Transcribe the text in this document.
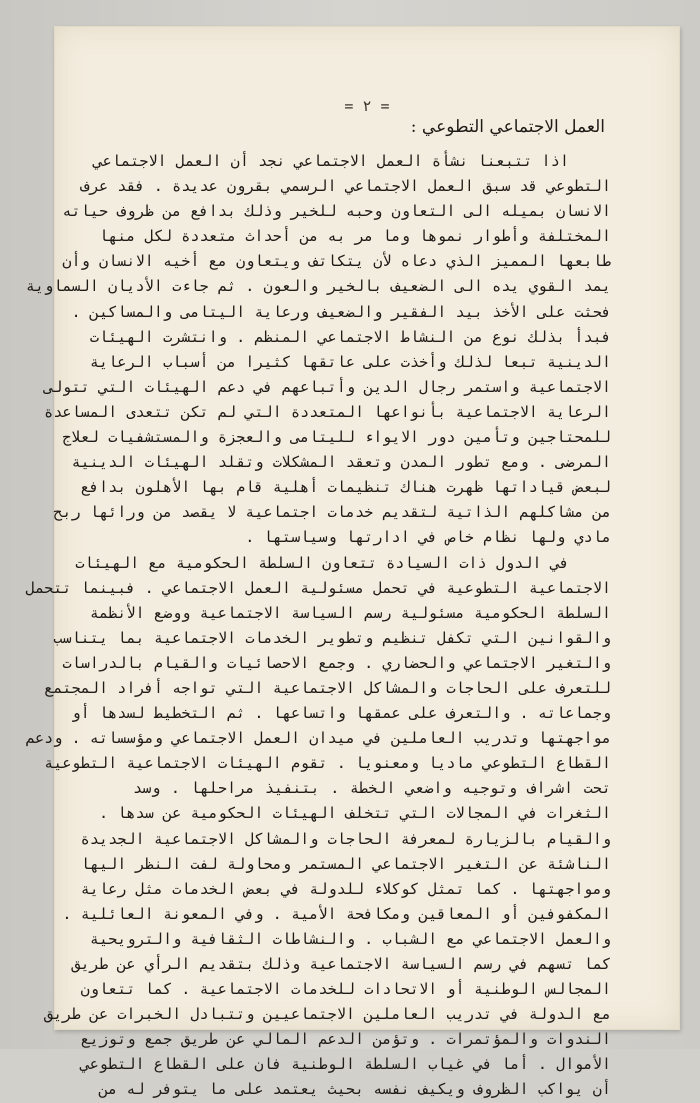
= ٢ =
العمل الاجتماعي التطوعي :
اذا تتبعنا نشأة العمل الاجتماعي نجد أن العمل الاجتماعي
التطوعي قد سبق العمل الاجتماعي الرسمي بقرون عديدة . فقد عرف
الانسان بميله الى التعاون وحبه للخير وذلك بدافع من ظروف حياته
المختلفة وأطوار نموها وما مر به من أحداث متعددة لكل منها
طابعها المميز الذي دعاه لأن يتكاتف ويتعاون مع أخيه الانسان وأن
يمد القوي يده الى الضعيف بالخير والعون . ثم جاءت الأديان السماوية
فحثت على الأخذ بيد الفقير والضعيف ورعاية اليتامى والمساكين .
فبدأ بذلك نوع من النشاط الاجتماعي المنظم . وانتشرت الهيئات
الدينية تبعا لذلك وأخذت على عاتقها كثيرا من أسباب الرعاية
الاجتماعية واستمر رجال الدين وأتباعهم في دعم الهيئات التي تتولى
الرعاية الاجتماعية بأنواعها المتعددة التي لم تكن تتعدى المساعدة
للمحتاجين وتأمين دور الايواء لليتامى والعجزة والمستشفيات لعلاج
المرضى . ومع تطور المدن وتعقد المشكلات وتقلد الهيئات الدينية
لبعض قياداتها ظهرت هناك تنظيمات أهلية قام بها الأهلون بدافع
من مشاكلهم الذاتية لتقديم خدمات اجتماعية لا يقصد من ورائها ربح
مادي ولها نظام خاص في ادارتها وسياستها .
في الدول ذات السيادة تتعاون السلطة الحكومية مع الهيئات
الاجتماعية التطوعية في تحمل مسئولية العمل الاجتماعي . فبينما تتحمل
السلطة الحكومية مسئولية رسم السياسة الاجتماعية ووضع الأنظمة
والقوانين التي تكفل تنظيم وتطوير الخدمات الاجتماعية بما يتناسب
والتغير الاجتماعي والحضاري . وجمع الاحصائيات والقيام بالدراسات
للتعرف على الحاجات والمشاكل الاجتماعية التي تواجه أفراد المجتمع
وجماعاته . والتعرف على عمقها واتساعها . ثم التخطيط لسدها أو
مواجهتها وتدريب العاملين في ميدان العمل الاجتماعي ومؤسساته . ودعم
القطاع التطوعي ماديا ومعنويا . تقوم الهيئات الاجتماعية التطوعية
تحت اشراف وتوجيه واضعي الخطة . بتنفيذ مراحلها . وسد
الثغرات في المجالات التي تتخلف الهيئات الحكومية عن سدها .
والقيام بالزيارة لمعرفة الحاجات والمشاكل الاجتماعية الجديدة
الناشئة عن التغير الاجتماعي المستمر ومحاولة لفت النظر اليها
ومواجهتها . كما تمثل كوكلاء للدولة في بعض الخدمات مثل رعاية
المكفوفين أو المعاقين ومكافحة الأمية . وفي المعونة العائلية .
والعمل الاجتماعي مع الشباب . والنشاطات الثقافية والترويحية
كما تسهم في رسم السياسة الاجتماعية وذلك بتقديم الرأي عن طريق
المجالس الوطنية أو الاتحادات للخدمات الاجتماعية . كما تتعاون
مع الدولة في تدريب العاملين الاجتماعيين وتتبادل الخبرات عن طريق
الندوات والمؤتمرات . وتؤمن الدعم المالي عن طريق جمع وتوزيع
الأموال . أما في غياب السلطة الوطنية فان على القطاع التطوعي
أن يواكب الظروف ويكيف نفسه بحيث يعتمد على ما يتوفر له من
